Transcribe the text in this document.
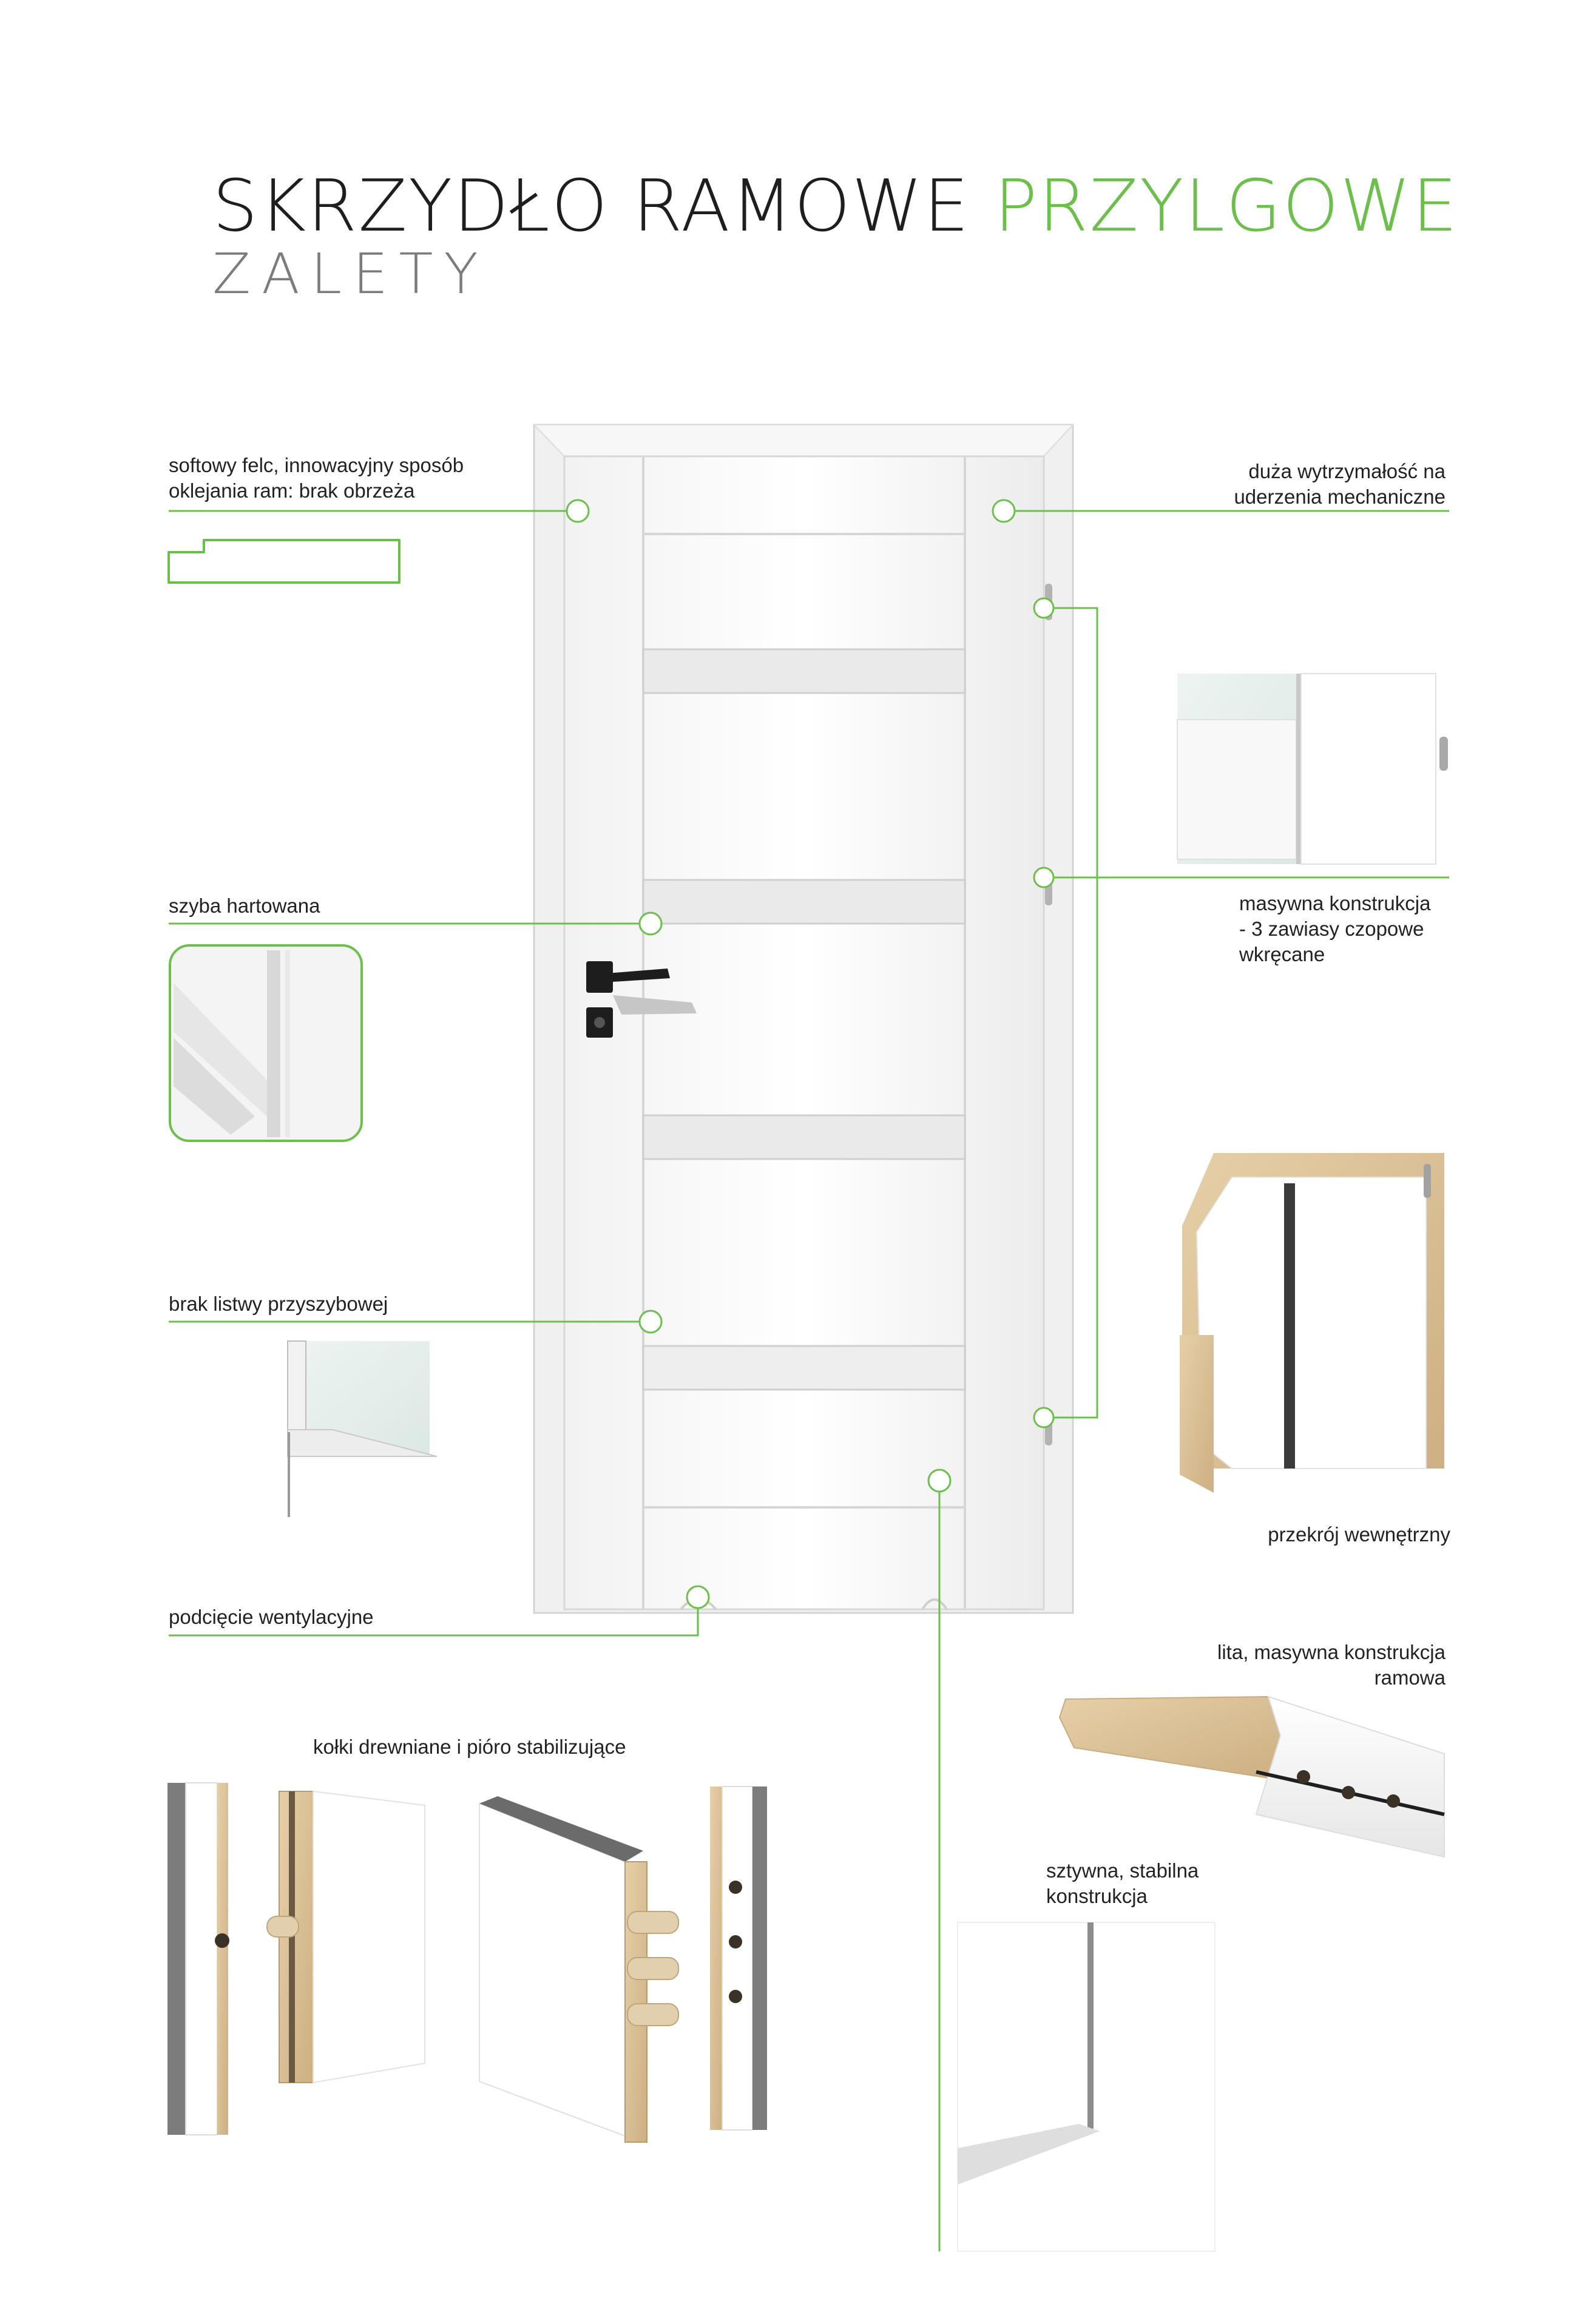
SKRZYDŁO RAMOWE PRZYLGOWE
ZALETY
softowy felc, innowacyjny sposób
oklejania ram: brak obrzeża
duża wytrzymałość na
uderzenia mechaniczne
szyba hartowana	masywna konstrukcja
- 3 zawiasy czopowe
wkręcane
brak listwy przyszybowej
przekrój wewnętrzny
podcięcie wentylacyjne
lita, masywna konstrukcja
ramowa
kołki drewniane i pióro stabilizujące
sztywna, stabilna
konstrukcja
